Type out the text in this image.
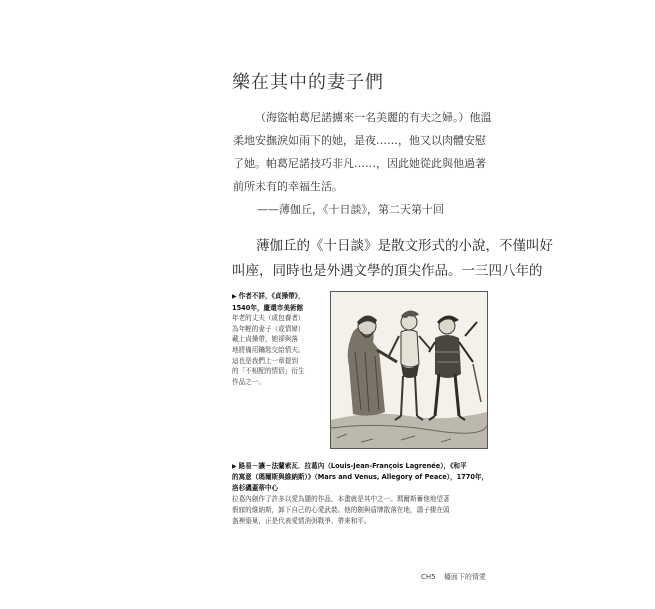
樂在其中的妻子們
（海盜帕葛尼諾擄來一名美麗的有夫之婦。）他溫
柔地安撫淚如雨下的她，是夜……，他又以肉體安慰
了她。帕葛尼諾技巧非凡……，因此她從此與他過著
前所未有的幸福生活。
——薄伽丘，《十日談》，第二天第十回
薄伽丘的《十日談》是散文形式的小說，不僅叫好
叫座，同時也是外遇文學的頂尖作品。一三四八年的
▶ 作者不詳，《貞操帶》，
1540年，慶還市美術館
年老的丈夫（或包養者）
為年輕的妻子（或情婦）
戴上貞操帶，她卻與落
地將備用鑰匙交給情夫。
這也是我們上一章提到
的「不相配的情侶」衍生
作品之一。
▶ 路易－讓－法蘭索瓦．拉葛內（Louis-Jean-François Lagrenée），《和平
的寓意（瑪爾斯與維納斯）》（Mars and Venus, Allegory of Peace），1770年，
洛杉磯蓋蒂中心
拉葛內創作了許多以愛為題的作品，本畫就是其中之一。瑪爾斯蓄他地望著
假寐的維納斯，卸下自己的心愛武裝。他的劍與盾牌散落在地，鴿子棲在頭
盔裡築巢，正是代表愛情消弭戰爭、帶來和平。
CH5 檯面下的情愛
